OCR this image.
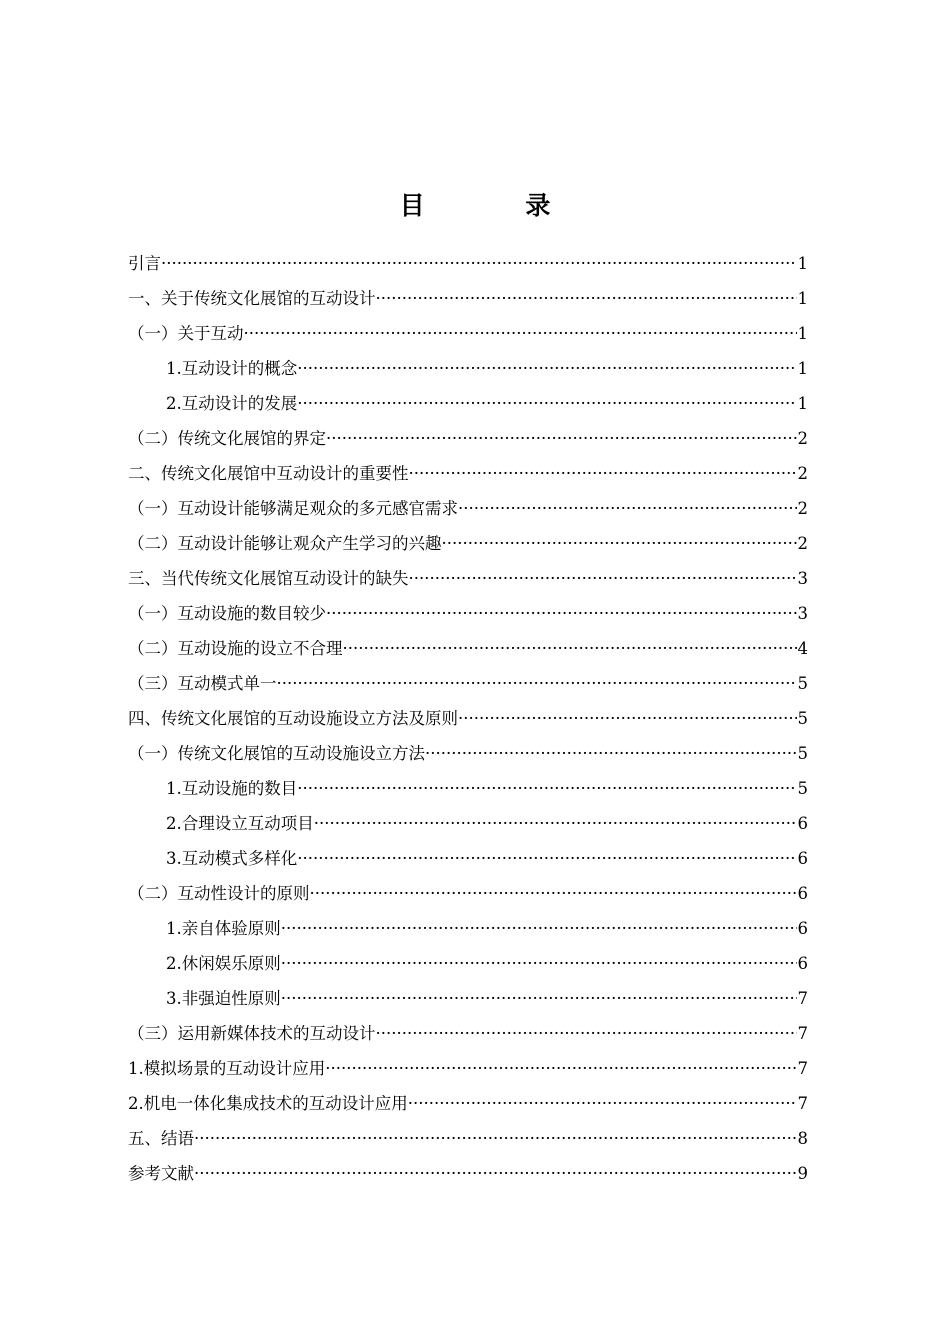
目 录
引言 ·····	1
一、关于传统文化展馆的互动设计 ·····	1
（一）关于互动 ·····	1
1.互动设计的概念 ·····	1
2.互动设计的发展 ·····	1
（二）传统文化展馆的界定 ·····	2
二、传统文化展馆中互动设计的重要性 ·····	2
（一）互动设计能够满足观众的多元感官需求 ·····	2
（二）互动设计能够让观众产生学习的兴趣 ·····	2
三、当代传统文化展馆互动设计的缺失 ·····	3
（一）互动设施的数目较少 ·····	3
（二）互动设施的设立不合理 ·····	4
（三）互动模式单一 ·····	5
四、传统文化展馆的互动设施设立方法及原则 ·····	5
（一）传统文化展馆的互动设施设立方法 ·····	5
1.互动设施的数目 ·····	5
2.合理设立互动项目 ·····	6
3.互动模式多样化 ·····	6
（二）互动性设计的原则 ·····	6
1.亲自体验原则 ·····	6
2.休闲娱乐原则 ·····	6
3.非强迫性原则 ·····	7
（三）运用新媒体技术的互动设计 ·····	7
1.模拟场景的互动设计应用 ·····	7
2.机电一体化集成技术的互动设计应用 ·····	7
五、结语 ·····	8
参考文献 ·····	9
